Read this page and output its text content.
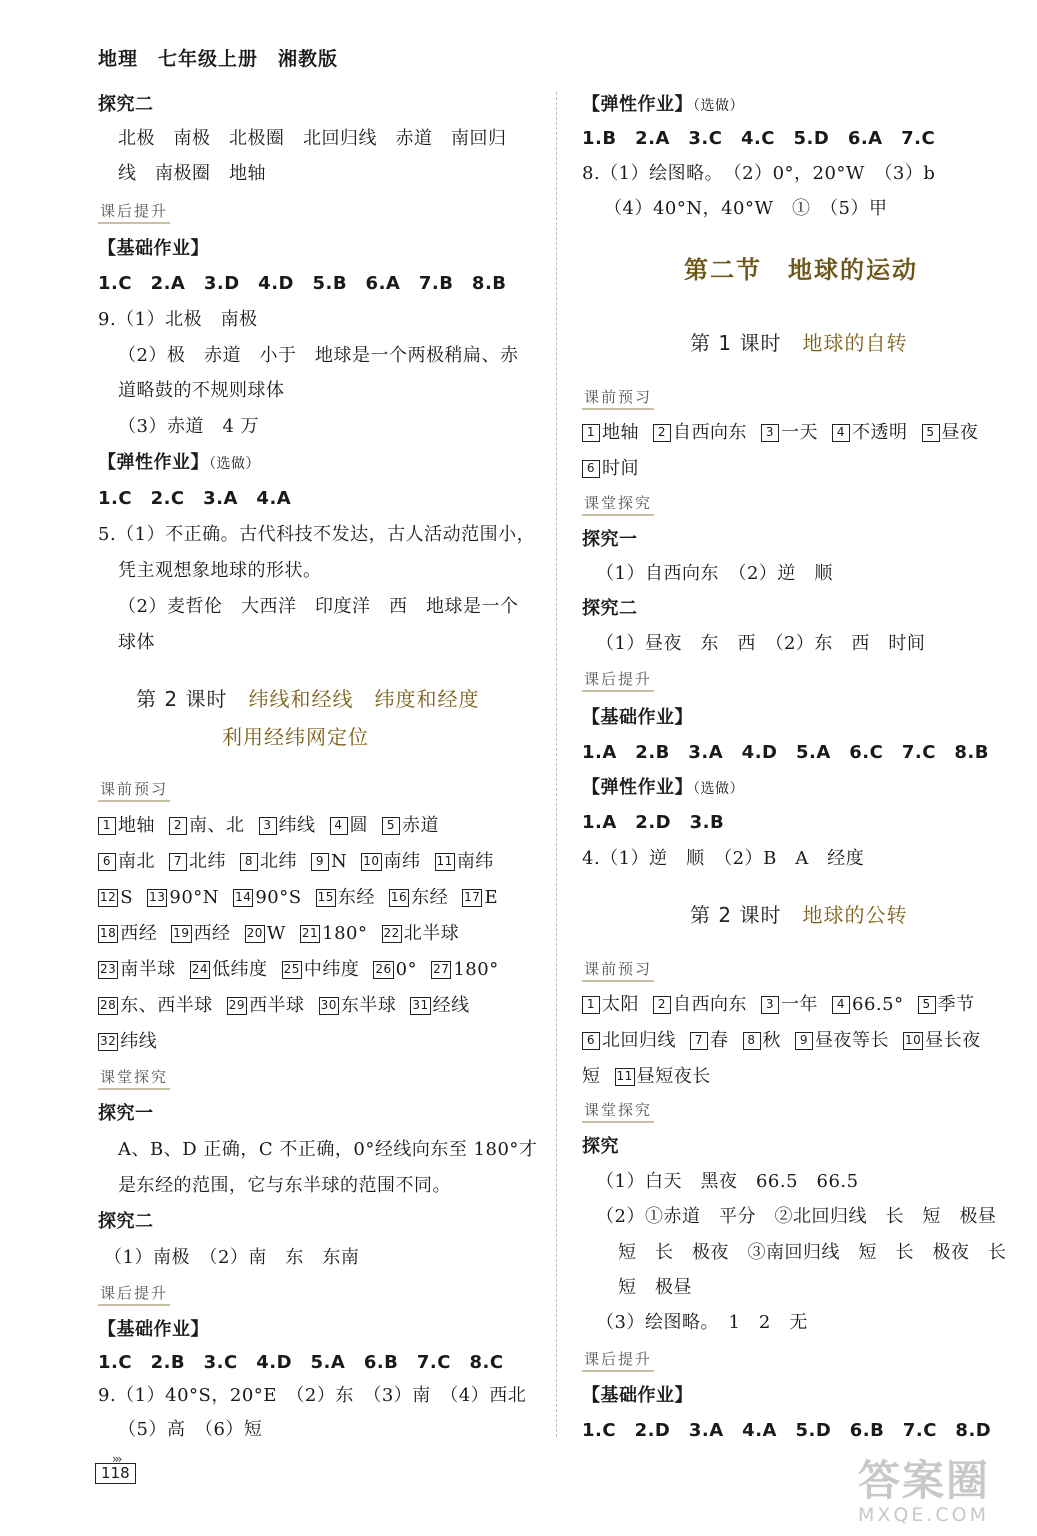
地理　七年级上册　湘教版
探究二
北极　南极　北极圈　北回归线　赤道　南回归
线　南极圈　地轴
课后提升
【基础作业】
1.C　2.A　3.D　4.D　5.B　6.A　7.B　8.B
9.（1）北极　南极
（2）极　赤道　小于　地球是一个两极稍扁、赤
道略鼓的不规则球体
（3）赤道　4 万
【弹性作业】（选做）
1.C　2.C　3.A　4.A
5.（1）不正确。古代科技不发达，古人活动范围小，
凭主观想象地球的形状。
（2）麦哲伦　大西洋　印度洋　西　地球是一个
球体
第 2 课时　纬线和经线　纬度和经度
利用经纬网定位
课前预习
1 地轴 2 南、北 3 纬线 4 圆 5 赤道
6 南北 7 北纬 8 北纬 9 N 10 南纬 11 南纬
12 S 13 90°N 14 90°S 15 东经 16 东经 17 E
18 西经 19 西经 20 W 21 180° 22 北半球
23 南半球 24 低纬度 25 中纬度 26 0° 27 180°
28 东、西半球 29 西半球 30 东半球 31 经线
32 纬线
课堂探究
探究一
A、B、D 正确，C 不正确，0°经线向东至 180°才
是东经的范围，它与东半球的范围不同。
探究二
（1）南极　（2）南　东　东南
课后提升
【基础作业】
1.C　2.B　3.C　4.D　5.A　6.B　7.C　8.C
9.（1）40°S，20°E　（2）东　（3）南　（4）西北
（5）高　（6）短
【弹性作业】（选做）
1.B　2.A　3.C　4.C　5.D　6.A　7.C
8.（1）绘图略。　（2）0°，20°W　（3）b
（4）40°N，40°W　①　（5）甲
第二节　地球的运动
第 1 课时　地球的自转
课前预习
1 地轴 2 自西向东 3 一天 4 不透明 5 昼夜
6 时间
课堂探究
探究一
（1）自西向东　（2）逆　顺
探究二
（1）昼夜　东　西　（2）东　西　时间
课后提升
【基础作业】
1.A　2.B　3.A　4.D　5.A　6.C　7.C　8.B
【弹性作业】（选做）
1.A　2.D　3.B
4.（1）逆　顺　（2）B　A　经度
第 2 课时　地球的公转
课前预习
1 太阳 2 自西向东 3 一年 4 66.5° 5 季节
6 北回归线 7 春 8 秋 9 昼夜等长 10 昼长夜
短 11 昼短夜长
课堂探究
探究
（1）白天　黑夜　66.5　66.5
（2）①赤道　平分　②北回归线　长　短　极昼
短　长　极夜　③南回归线　短　长　极夜　长
短　极昼
（3）绘图略。　1　2　无
课后提升
【基础作业】
1.C　2.D　3.A　4.A　5.D　6.B　7.C　8.D
›››
118	答案圈
MXQE.COM
